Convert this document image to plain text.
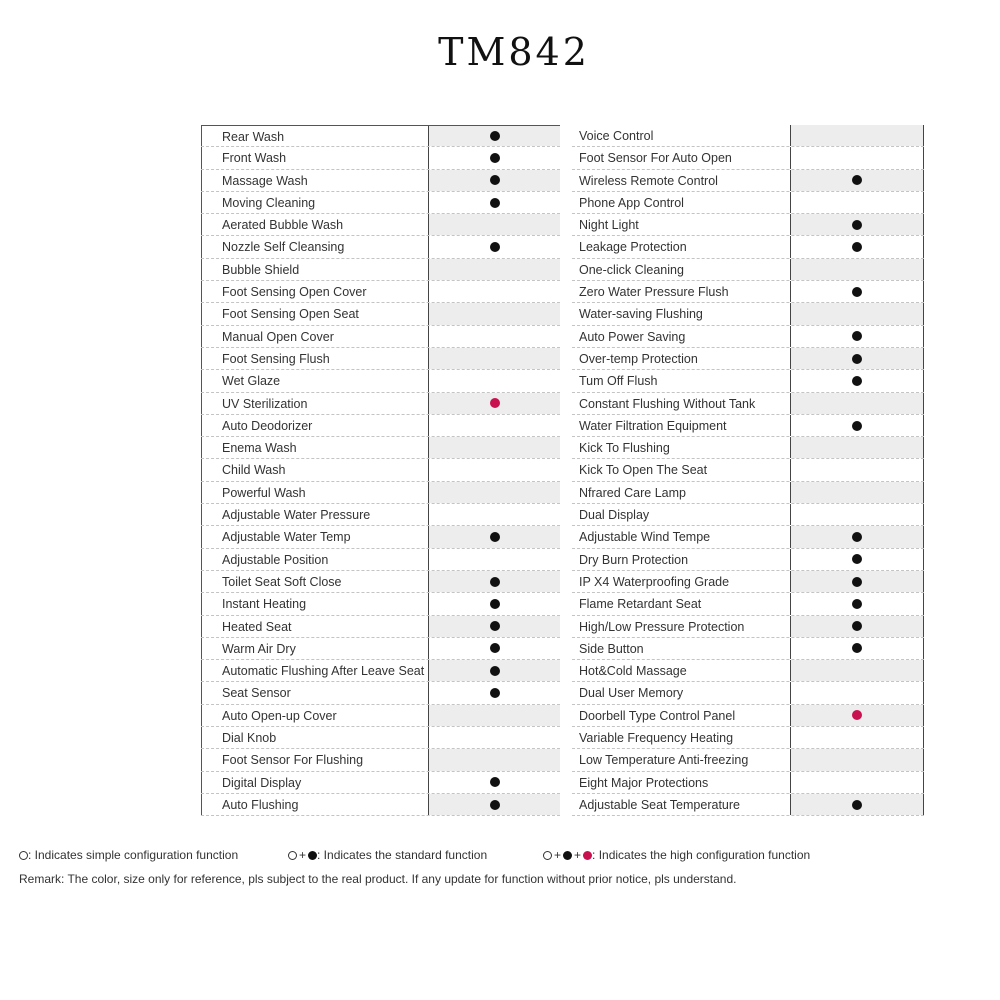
TM842
Rear Wash
Front Wash
Massage Wash
Moving Cleaning
Aerated Bubble Wash
Nozzle Self Cleansing
Bubble Shield
Foot Sensing Open Cover
Foot Sensing Open Seat
Manual Open Cover
Foot Sensing Flush
Wet Glaze
UV Sterilization
Auto Deodorizer
Enema Wash
Child Wash
Powerful Wash
Adjustable Water Pressure
Adjustable Water Temp
Adjustable Position
Toilet Seat Soft Close
Instant Heating
Heated Seat
Warm Air Dry
Automatic Flushing After Leave Seat
Seat Sensor
Auto Open-up Cover
Dial Knob
Foot Sensor For Flushing
Digital Display
Auto Flushing
Voice Control
Foot Sensor For Auto Open
Wireless Remote Control
Phone App Control
Night Light
Leakage Protection
One-click Cleaning
Zero Water Pressure Flush
Water-saving Flushing
Auto Power Saving
Over-temp Protection
Tum Off Flush
Constant Flushing Without Tank
Water Filtration Equipment
Kick To Flushing
Kick To Open The Seat
Nfrared Care Lamp
Dual Display
Adjustable Wind Tempe
Dry Burn Protection
IP X4 Waterproofing Grade
Flame Retardant Seat
High/Low Pressure Protection
Side Button
Hot&Cold Massage
Dual User Memory
Doorbell Type Control Panel
Variable Frequency Heating
Low Temperature Anti-freezing
Eight Major Protections
Adjustable Seat Temperature
: Indicates simple configuration function	+ : Indicates the standard function	+ + : Indicates the high configuration function
Remark: The color, size only for reference, pls subject to the real product. If any update for function without prior notice, pls understand.
